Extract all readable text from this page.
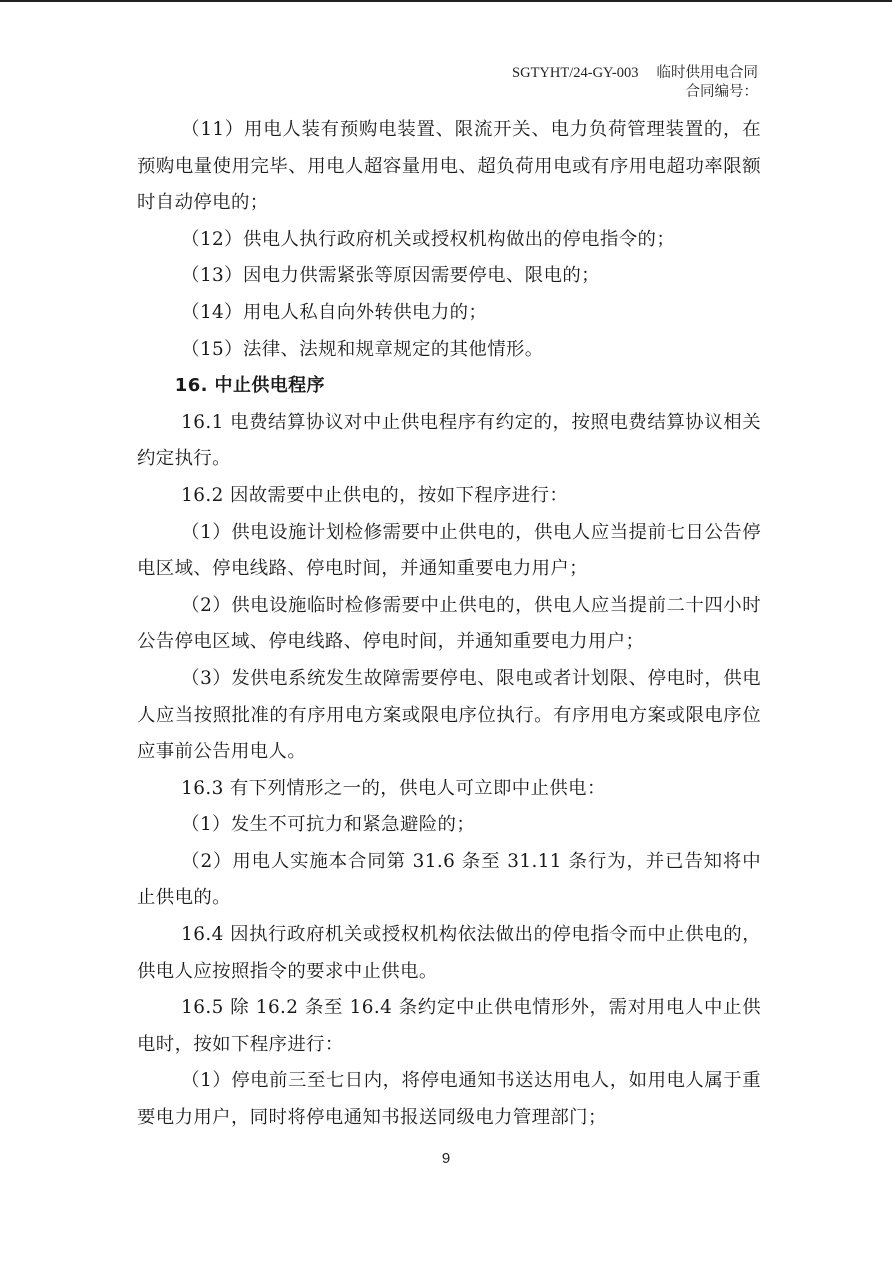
SGTYHT/24-GY-003 临时供用电合同
合同编号：

（11）用电人装有预购电装置、限流开关、电力负荷管理装置的，在预购电量使用完毕、用电人超容量用电、超负荷用电或有序用电超功率限额时自动停电的；

（12）供电人执行政府机关或授权机构做出的停电指令的；

（13）因电力供需紧张等原因需要停电、限电的；

（14）用电人私自向外转供电力的；

（15）法律、法规和规章规定的其他情形。

16. 中止供电程序

16.1 电费结算协议对中止供电程序有约定的，按照电费结算协议相关约定执行。

16.2 因故需要中止供电的，按如下程序进行：

（1）供电设施计划检修需要中止供电的，供电人应当提前七日公告停电区域、停电线路、停电时间，并通知重要电力用户；

（2）供电设施临时检修需要中止供电的，供电人应当提前二十四小时公告停电区域、停电线路、停电时间，并通知重要电力用户；

（3）发供电系统发生故障需要停电、限电或者计划限、停电时，供电人应当按照批准的有序用电方案或限电序位执行。有序用电方案或限电序位应事前公告用电人。

16.3 有下列情形之一的，供电人可立即中止供电：

（1）发生不可抗力和紧急避险的；

（2）用电人实施本合同第 31.6 条至 31.11 条行为，并已告知将中止供电的。

16.4 因执行政府机关或授权机构依法做出的停电指令而中止供电的，供电人应按照指令的要求中止供电。

16.5 除 16.2 条至 16.4 条约定中止供电情形外，需对用电人中止供电时，按如下程序进行：

（1）停电前三至七日内，将停电通知书送达用电人，如用电人属于重要电力用户，同时将停电通知书报送同级电力管理部门；

9
